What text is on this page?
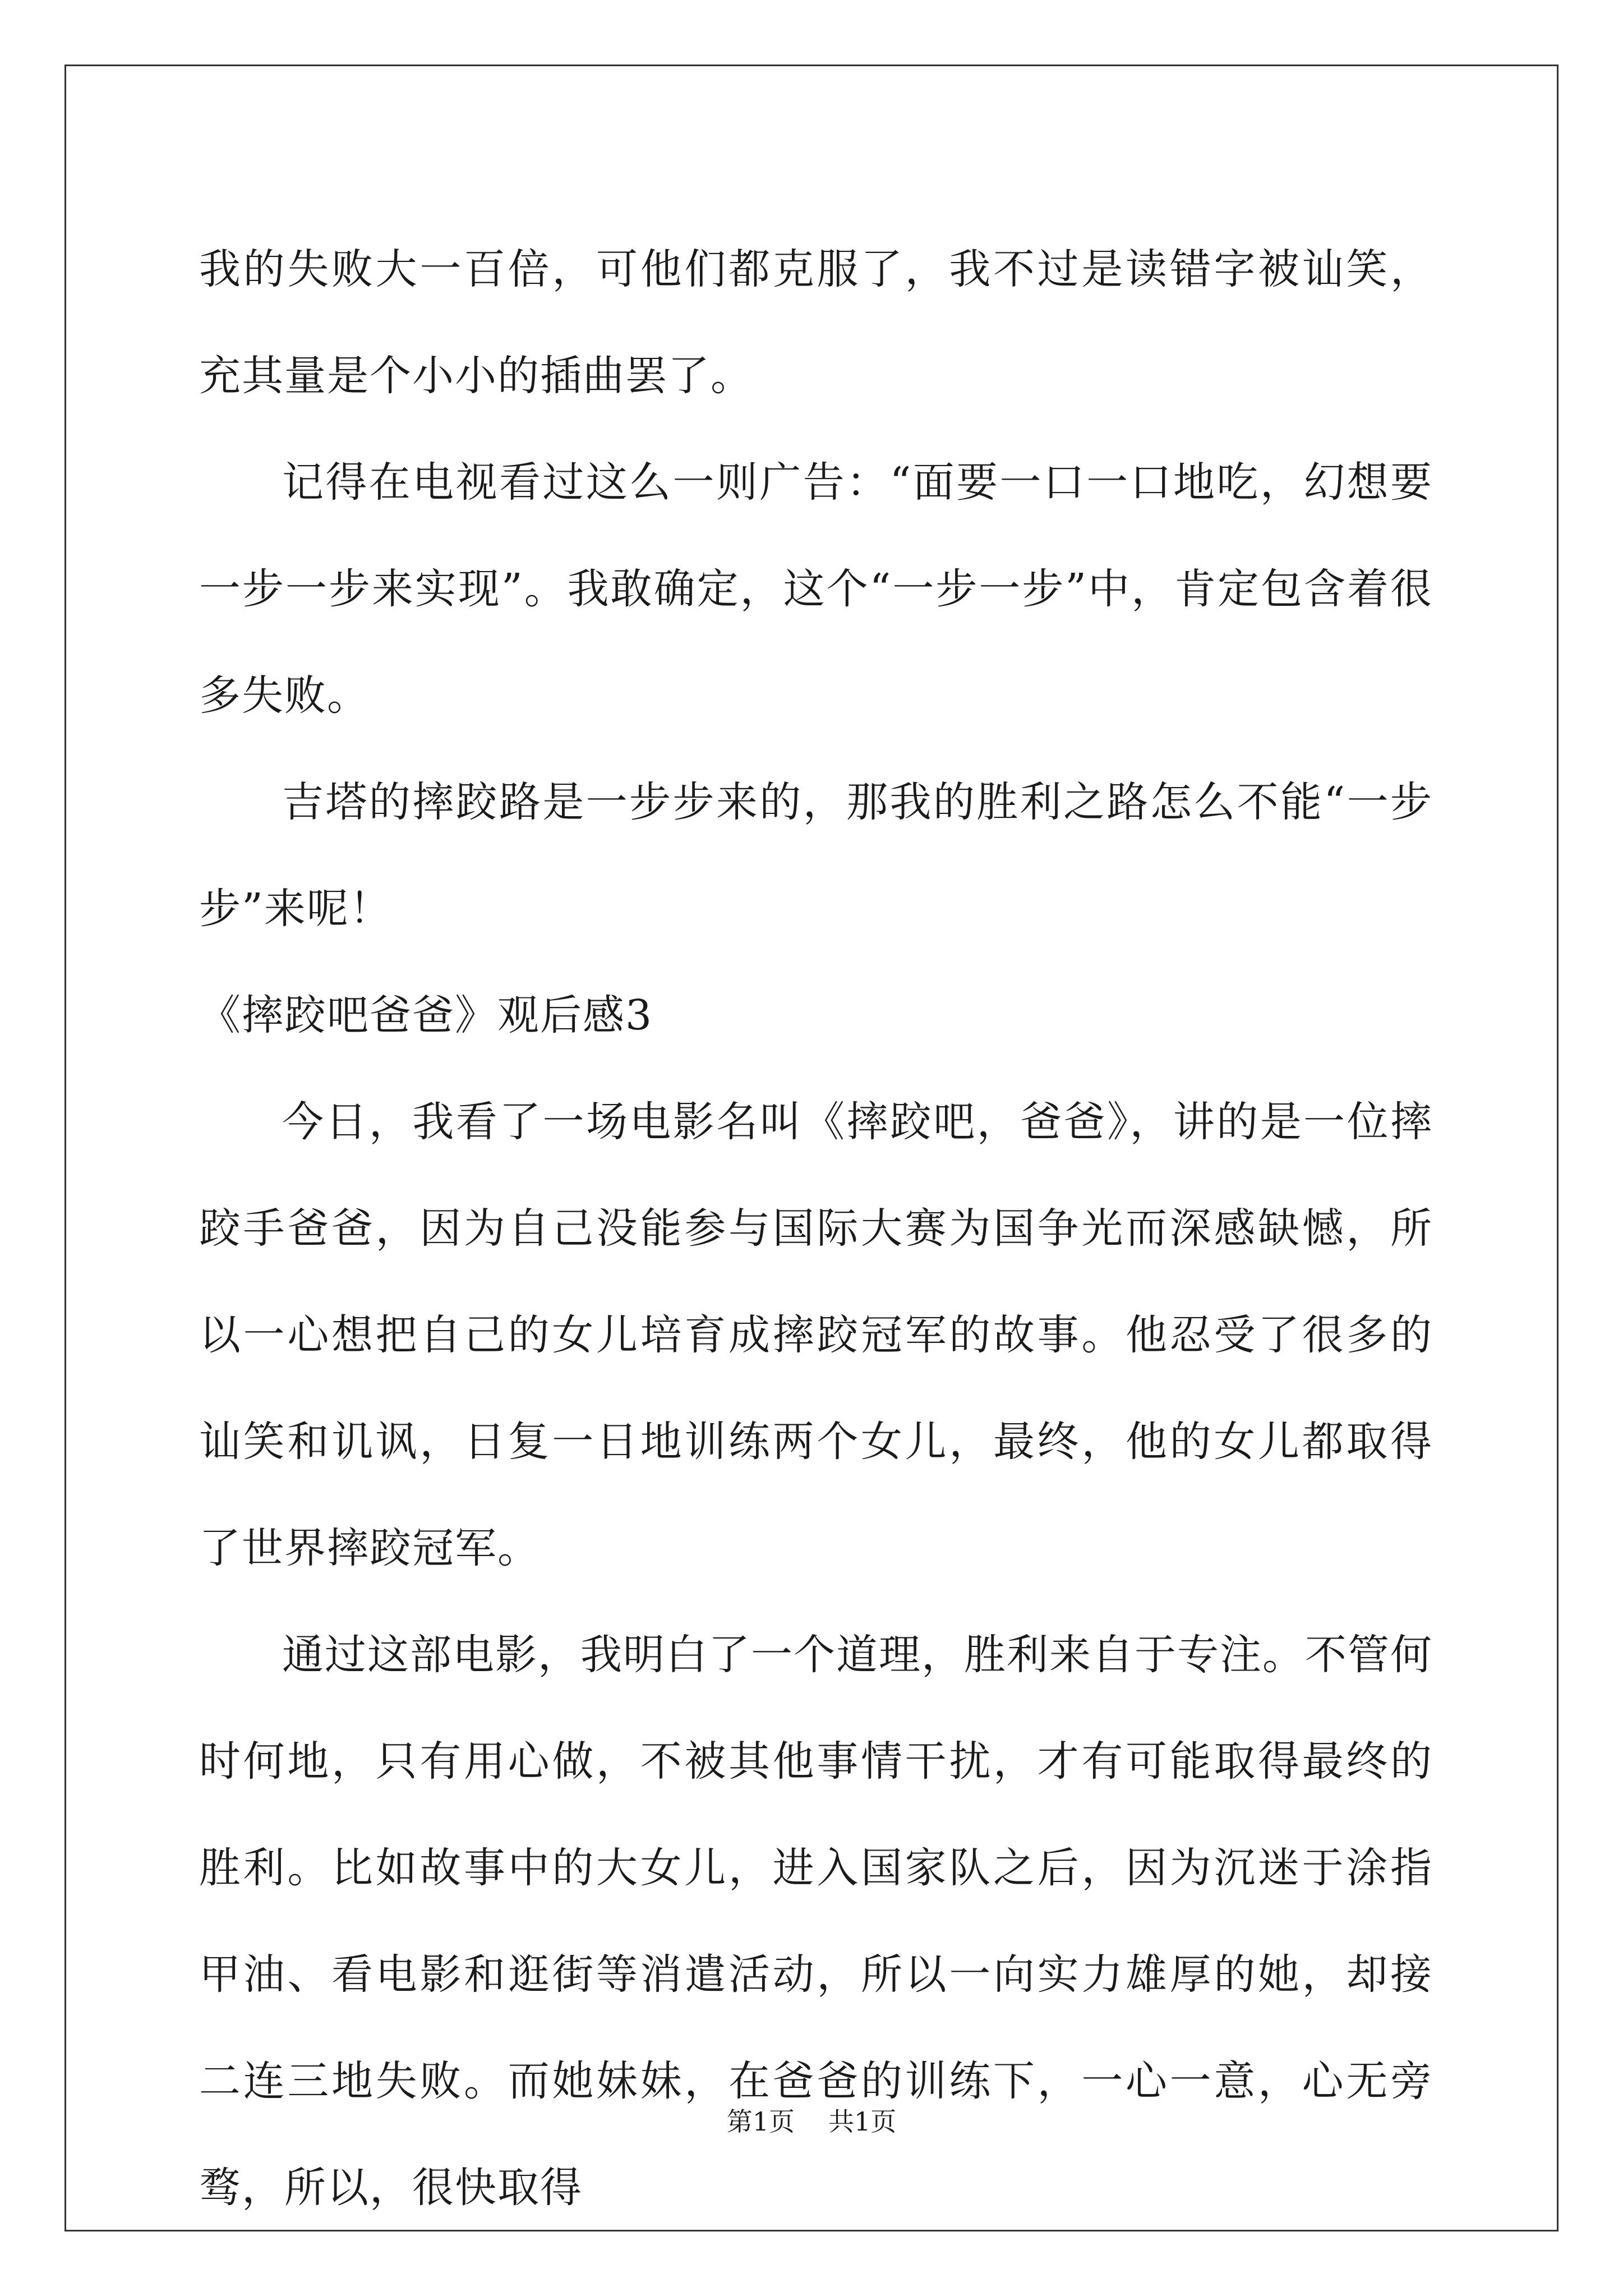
我的失败大一百倍，可他们都克服了，我不过是读错字被讪笑，充其量是个小小的插曲罢了。

记得在电视看过这么一则广告：“面要一口一口地吃，幻想要一步一步来实现”。我敢确定，这个“一步一步”中，肯定包含着很多失败。

吉塔的摔跤路是一步步来的，那我的胜利之路怎么不能“一步步”来呢！

《摔跤吧爸爸》观后感3

今日，我看了一场电影名叫《摔跤吧，爸爸》，讲的是一位摔跤手爸爸，因为自己没能参与国际大赛为国争光而深感缺憾，所以一心想把自己的女儿培育成摔跤冠军的故事。他忍受了很多的讪笑和讥讽，日复一日地训练两个女儿，最终，他的女儿都取得了世界摔跤冠军。

通过这部电影，我明白了一个道理，胜利来自于专注。不管何时何地，只有用心做，不被其他事情干扰，才有可能取得最终的胜利。比如故事中的大女儿，进入国家队之后，因为沉迷于涂指甲油、看电影和逛街等消遣活动，所以一向实力雄厚的她，却接二连三地失败。而她妹妹，在爸爸的训练下，一心一意，心无旁骛，所以，很快取得

第1页 共1页
